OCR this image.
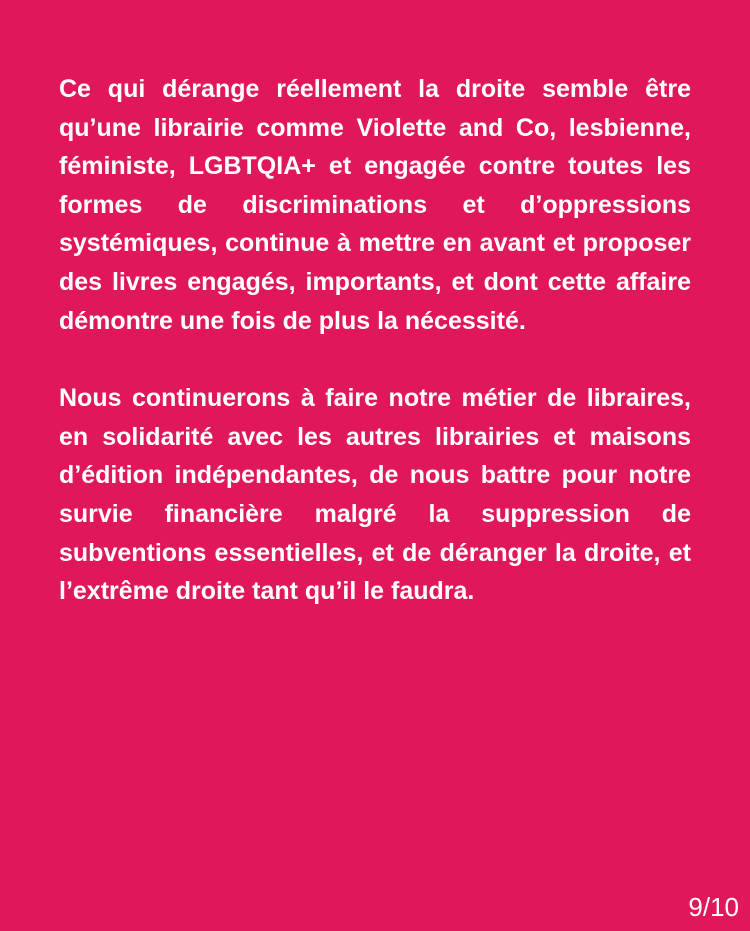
Ce qui dérange réellement la droite semble être qu’une librairie comme Violette and Co, lesbienne, féministe, LGBTQIA+ et engagée contre toutes les formes de discriminations et d’oppressions systémiques, continue à mettre en avant et proposer des livres engagés, importants, et dont cette affaire démontre une fois de plus la nécessité.

Nous continuerons à faire notre métier de libraires, en solidarité avec les autres librairies et maisons d’édition indépendantes, de nous battre pour notre survie financière malgré la suppression de subventions essentielles, et de déranger la droite, et l’extrême droite tant qu’il le faudra.

9/10
